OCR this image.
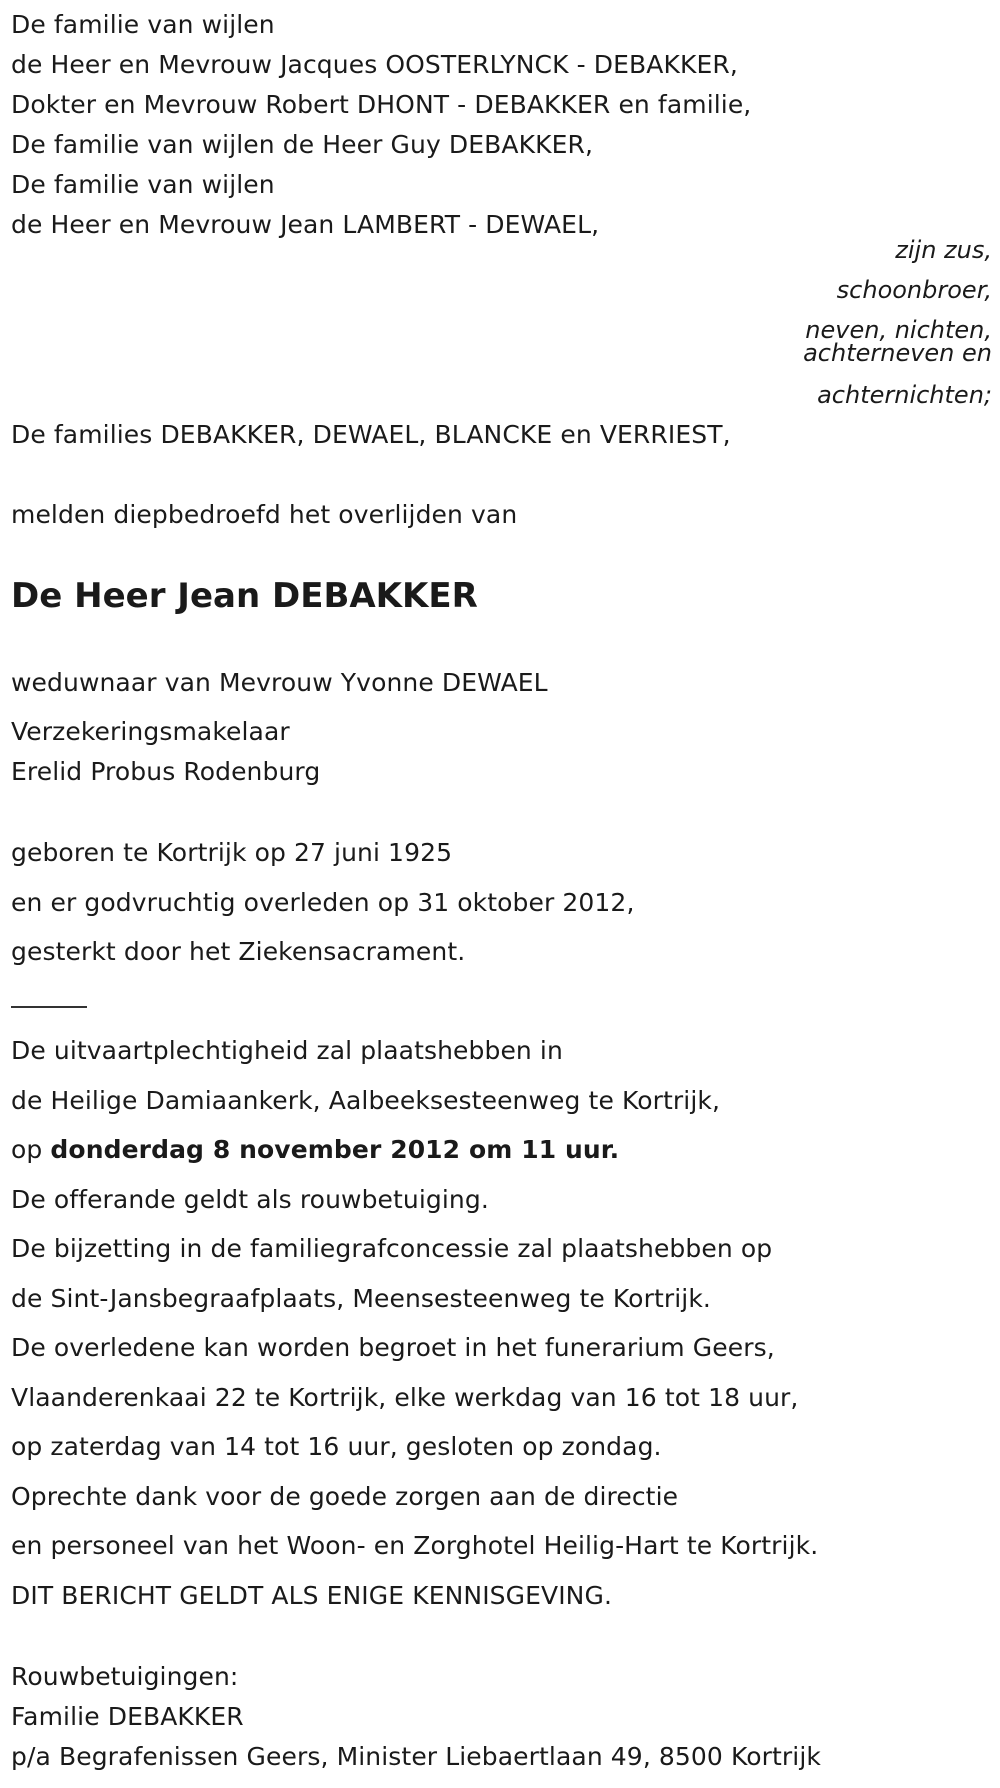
De familie van wijlen
de Heer en Mevrouw Jacques OOSTERLYNCK - DEBAKKER,
Dokter en Mevrouw Robert DHONT - DEBAKKER en familie,
De familie van wijlen de Heer Guy DEBAKKER,
De familie van wijlen
de Heer en Mevrouw Jean LAMBERT - DEWAEL,
zijn zus,
schoonbroer,
neven, nichten,
achterneven en
achternichten;
De families DEBAKKER, DEWAEL, BLANCKE en VERRIEST,
melden diepbedroefd het overlijden van
De Heer Jean DEBAKKER
weduwnaar van Mevrouw Yvonne DEWAEL
Verzekeringsmakelaar
Erelid Probus Rodenburg
geboren te Kortrijk op 27 juni 1925
en er godvruchtig overleden op 31 oktober 2012,
gesterkt door het Ziekensacrament.
De uitvaartplechtigheid zal plaatshebben in
de Heilige Damiaankerk, Aalbeeksesteenweg te Kortrijk,
op donderdag 8 november 2012 om 11 uur.
De offerande geldt als rouwbetuiging.
De bijzetting in de familiegrafconcessie zal plaatshebben op
de Sint-Jansbegraafplaats, Meensesteenweg te Kortrijk.
De overledene kan worden begroet in het funerarium Geers,
Vlaanderenkaai 22 te Kortrijk, elke werkdag van 16 tot 18 uur,
op zaterdag van 14 tot 16 uur, gesloten op zondag.
Oprechte dank voor de goede zorgen aan de directie
en personeel van het Woon- en Zorghotel Heilig-Hart te Kortrijk.
DIT BERICHT GELDT ALS ENIGE KENNISGEVING.
Rouwbetuigingen:
Familie DEBAKKER
p/a Begrafenissen Geers, Minister Liebaertlaan 49, 8500 Kortrijk
